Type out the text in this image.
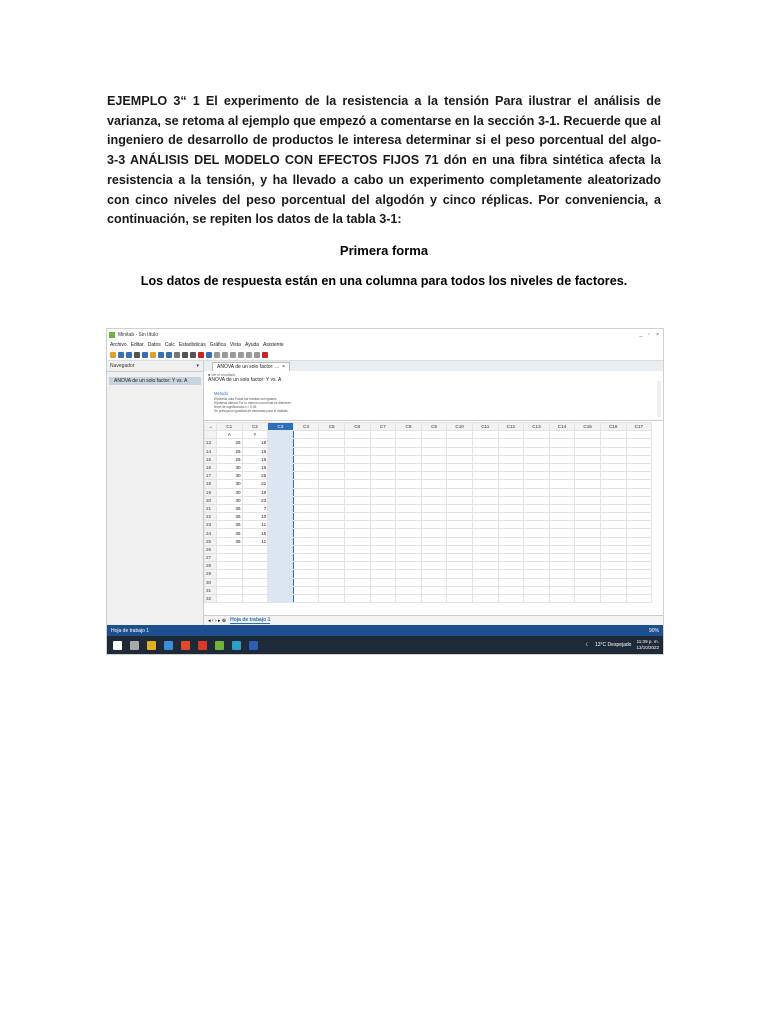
EJEMPLO 3“ 1 El experimento de la resistencia a la tensión Para ilustrar el análisis de varianza, se retoma al ejemplo que empezó a comentarse en la sección 3-1. Recuerde que al ingeniero de desarrollo de productos le interesa determinar si el peso porcentual del algo- 3-3 ANÁLISIS DEL MODELO CON EFECTOS FIJOS 71 dón en una fibra sintética afecta la resistencia a la tensión, y ha llevado a cabo un experimento completamente aleatorizado con cinco niveles del peso porcentual del algodón y cinco réplicas. Por conveniencia, a continuación, se repiten los datos de la tabla 3-1:
Primera forma
Los datos de respuesta están en una columna para todos los niveles de factores.
Minitab - Sin título	_ ▫ ×
Archivo Editar Datos Calc Estadísticas Gráfica Vista Ayuda Asistente
Navegador	▾
ANOVA de un solo factor: Y vs. A
ANOVA de un solo factor: ... ×
■ Ver el resultado
ANOVA de un solo factor: Y vs. A
Método
Hipótesis nula Todas las medias son iguales
Hipótesis alterna Por lo menos una media es diferente
Nivel de significancia α = 0.05
Se presupuso igualdad de varianzas para el análisis.
→	C1	C2	C3	C4	C5	C6	C7	C8	C9	C10	C11	C12	C13	C14	C15	C16	C17
	A	Y															
13	25	18															
14	25	19															
15	25	19															
16	30	19															
17	30	25															
18	30	22															
19	30	19															
20	30	23															
21	35	7															
22	35	10															
23	35	11															
24	35	15															
25	35	11															
26																	
27																	
28																	
29																	
30																	
31																	
32																	
◂ ‹ › ▸ ⊕ Hoja de trabajo 1
Hoja de trabajo 1	90%
☾ 13°C Despejado
11:39 p. m.
13/10/2022
